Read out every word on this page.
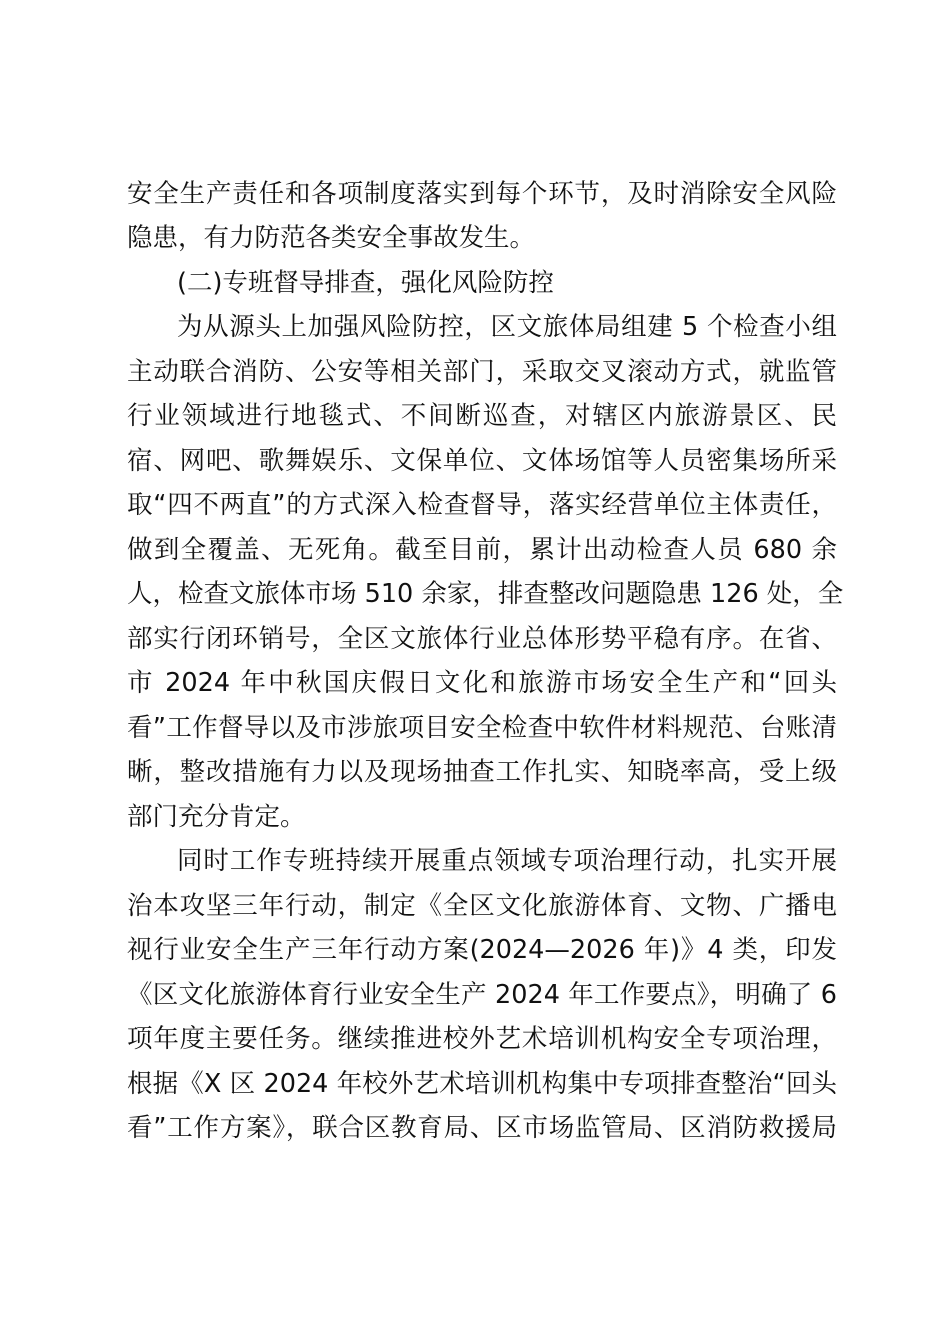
安全生产责任和各项制度落实到每个环节，及时消除安全风险
隐患，有力防范各类安全事故发生。
(二)专班督导排查，强化风险防控
为从源头上加强风险防控，区文旅体局组建 5 个检查小组
主动联合消防、公安等相关部门，采取交叉滚动方式，就监管
行业领域进行地毯式、不间断巡查，对辖区内旅游景区、民
宿、网吧、歌舞娱乐、文保单位、文体场馆等人员密集场所采
取“四不两直”的方式深入检查督导，落实经营单位主体责任，
做到全覆盖、无死角。截至目前，累计出动检查人员 680 余
人，检查文旅体市场 510 余家，排查整改问题隐患 126 处，全
部实行闭环销号，全区文旅体行业总体形势平稳有序。在省、
市 2024 年中秋国庆假日文化和旅游市场安全生产和“回头
看”工作督导以及市涉旅项目安全检查中软件材料规范、台账清
晰，整改措施有力以及现场抽查工作扎实、知晓率高，受上级
部门充分肯定。
同时工作专班持续开展重点领域专项治理行动，扎实开展
治本攻坚三年行动，制定《全区文化旅游体育、文物、广播电
视行业安全生产三年行动方案(2024—2026 年)》4 类，印发
《区文化旅游体育行业安全生产 2024 年工作要点》，明确了 6
项年度主要任务。继续推进校外艺术培训机构安全专项治理，
根据《X 区 2024 年校外艺术培训机构集中专项排查整治“回头
看”工作方案》，联合区教育局、区市场监管局、区消防救援局
